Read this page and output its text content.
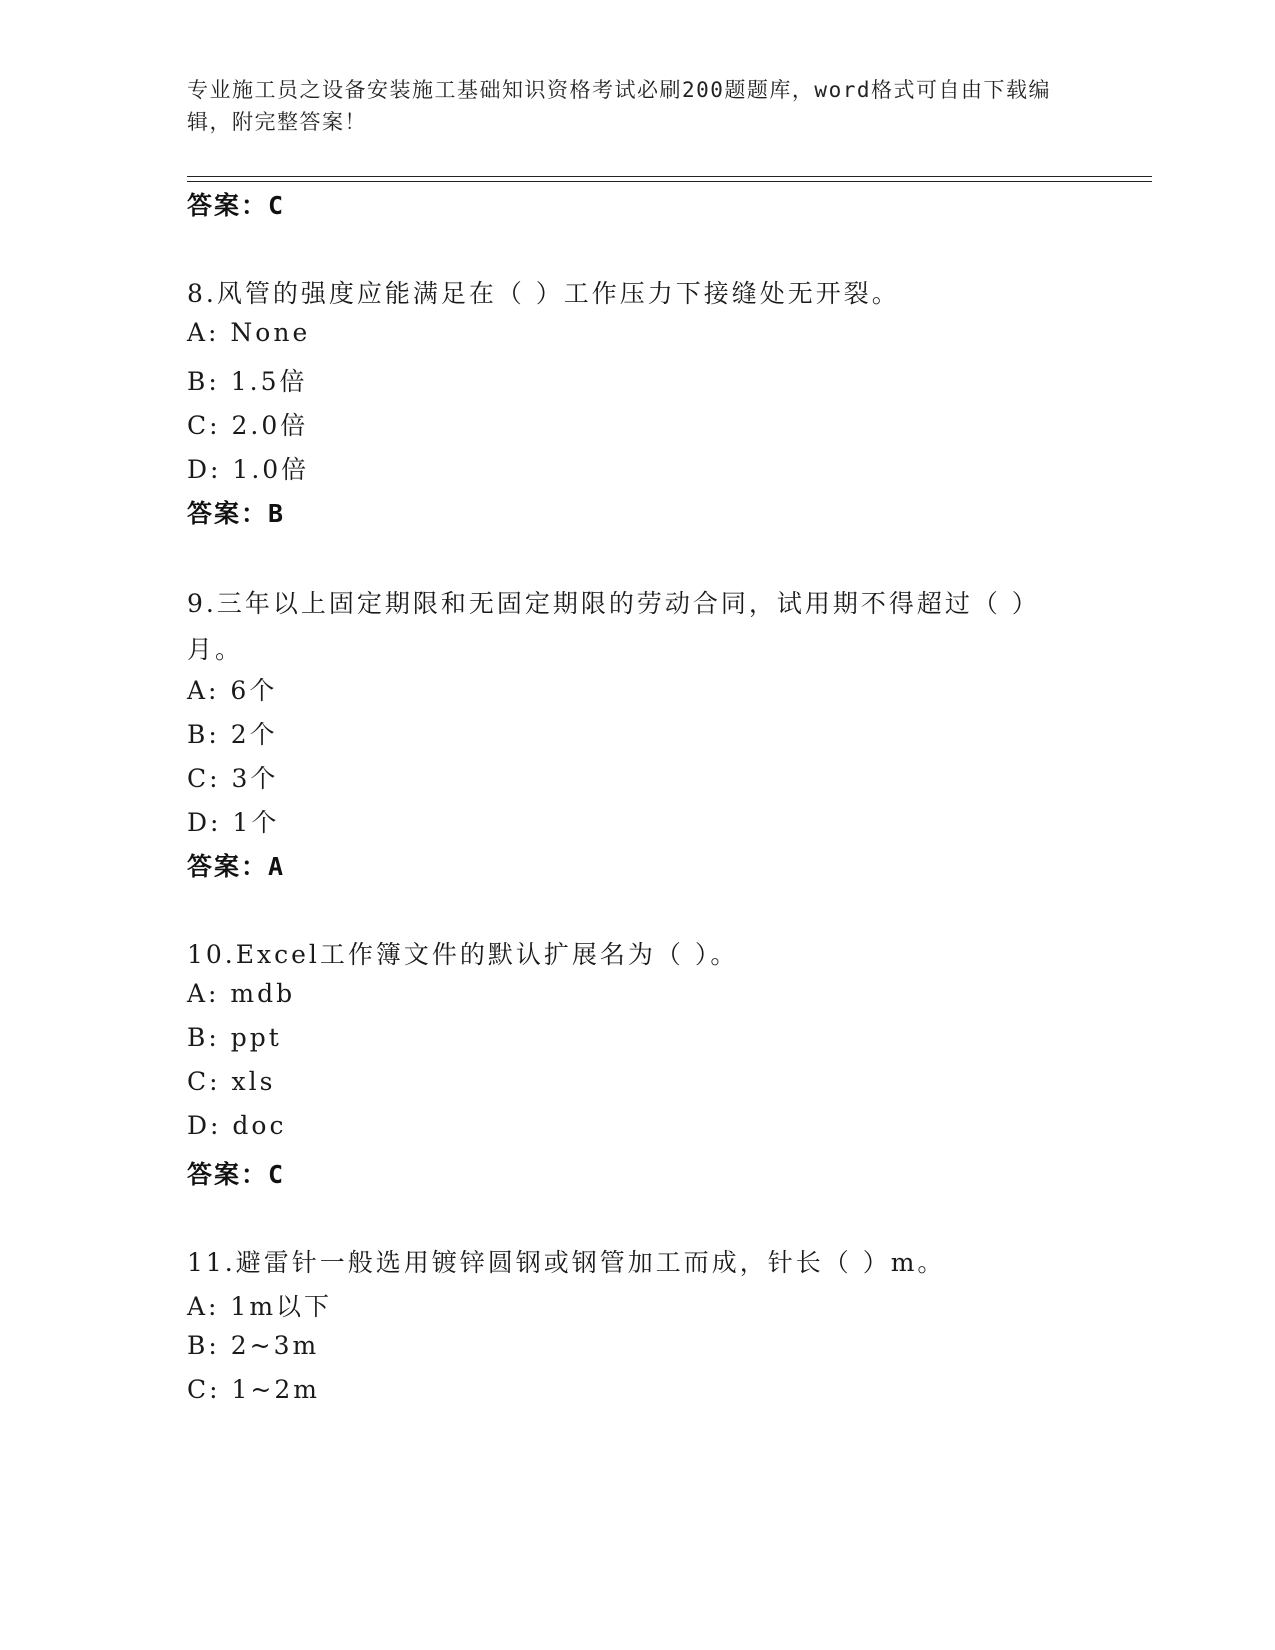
专业施工员之设备安装施工基础知识资格考试必刷200题题库，word格式可自由下载编辑，附完整答案！
答案：C
8.风管的强度应能满足在（ ）工作压力下接缝处无开裂。
A: None
B: 1.5倍
C: 2.0倍
D: 1.0倍
答案：B
9.三年以上固定期限和无固定期限的劳动合同，试用期不得超过（ ）月。
A: 6个
B: 2个
C: 3个
D: 1个
答案：A
10.Excel工作簿文件的默认扩展名为（ ）。
A: mdb
B: ppt
C: xls
D: doc
答案：C
11.避雷针一般选用镀锌圆钢或钢管加工而成，针长（ ）m。
A: 1m以下
B: 2~3m
C: 1~2m
